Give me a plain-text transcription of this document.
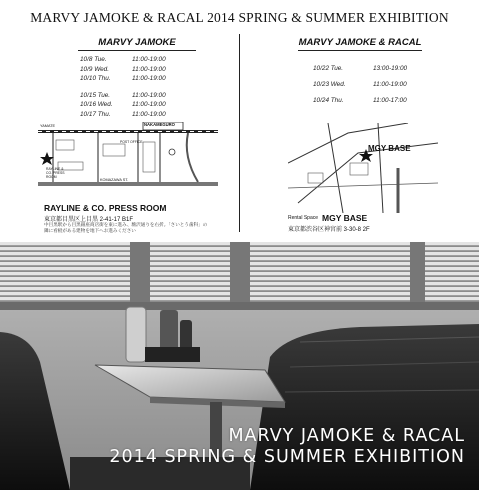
MARVY JAMOKE & RACAL 2014 SPRING & SUMMER EXHIBITION
MARVY JAMOKE
10/8 Tue.	11:00-19:00
10/9 Wed.	11:00-19:00
10/10 Thu.	11:00-19:00
10/15 Tue.	11:00-19:00
10/16 Wed.	11:00-19:00
10/17 Thu.	11:00-19:00
NAKAMEGURO
YAMATE
RAYLINE & CO. PRESS ROOM
KOMAZAWA ST.
POST OFFICE
RAYLINE & CO. PRESS ROOM
東京都目黒区上目黒 2-41-17 B1F
中目黒駅から目黒銀座商店街を東に進み、駒沢通りを右折。「さいとう歯科」の
隣に看板がある建物を地下へお進みください
MARVY JAMOKE & RACAL
10/22 Tue.	13:00-19:00
10/23 Wed.	11:00-19:00
10/24 Thu.	11:00-17:00
MGY BASE
Rental Space MGY BASE
東京都渋谷区神宮前 3-30-8 2F
MARVY JAMOKE & RACAL
2014 SPRING & SUMMER EXHIBITION
